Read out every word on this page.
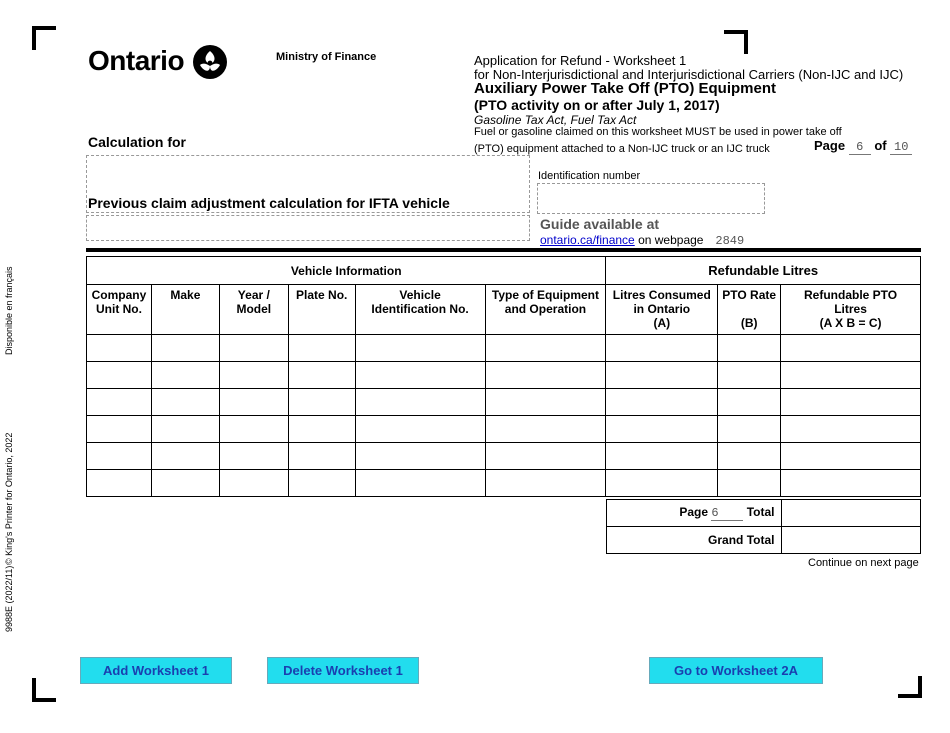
Disponible en français
© King's Printer for Ontario, 2022
9988E (2022/11)
Ontario	Ministry of Finance	Application for Refund - Worksheet 1
for Non-Interjurisdictional and Interjurisdictional Carriers (Non-IJC and IJC)
Auxiliary Power Take Off (PTO) Equipment
(PTO activity on or after July 1, 2017)
Gasoline Tax Act, Fuel Tax Act
Fuel or gasoline claimed on this worksheet MUST be used in power take off
(PTO) equipment attached to a Non-IJC truck or an IJC truck	Page 6 of 10
Calculation for
Previous claim adjustment calculation for IFTA vehicle
Identification number
Guide available at
ontario.ca/finance on webpage 2849
Vehicle Information						Refundable Litres		
Company
Unit No.	Make	Year /
Model	Plate No.	Vehicle
Identification No.	Type of Equipment
and Operation	Litres Consumed
in Ontario
(A)	PTO Rate

(B)	Refundable PTO
Litres
(A X B = C)

Page 6 Total	
Grand Total	
Continue on next page
Add Worksheet 1	Delete Worksheet 1	Go to Worksheet 2A
